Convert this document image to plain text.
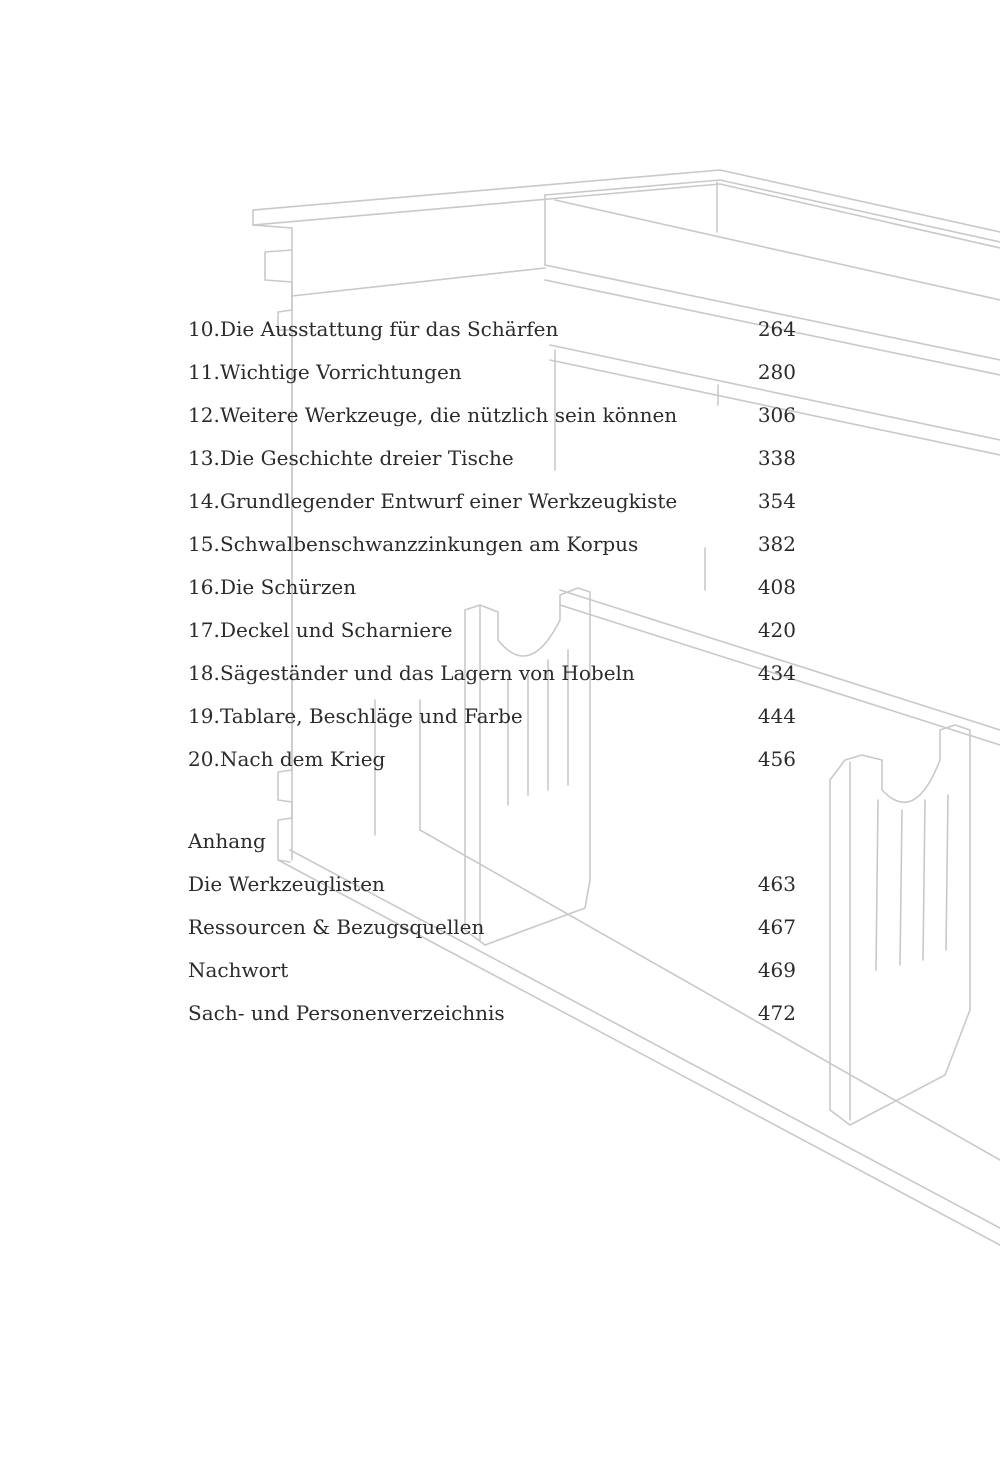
10. Die Ausstattung für das Schärfen	264
11. Wichtige Vorrichtungen	280
12. Weitere Werkzeuge, die nützlich sein können	306
13. Die Geschichte dreier Tische	338
14. Grundlegender Entwurf einer Werkzeugkiste	354
15. Schwalbenschwanzzinkungen am Korpus	382
16. Die Schürzen	408
17. Deckel und Scharniere	420
18. Sägeständer und das Lagern von Hobeln	434
19. Tablare, Beschläge und Farbe	444
20. Nach dem Krieg	456
Anhang
Die Werkzeuglisten	463
Ressourcen & Bezugsquellen	467
Nachwort	469
Sach- und Personenverzeichnis	472
